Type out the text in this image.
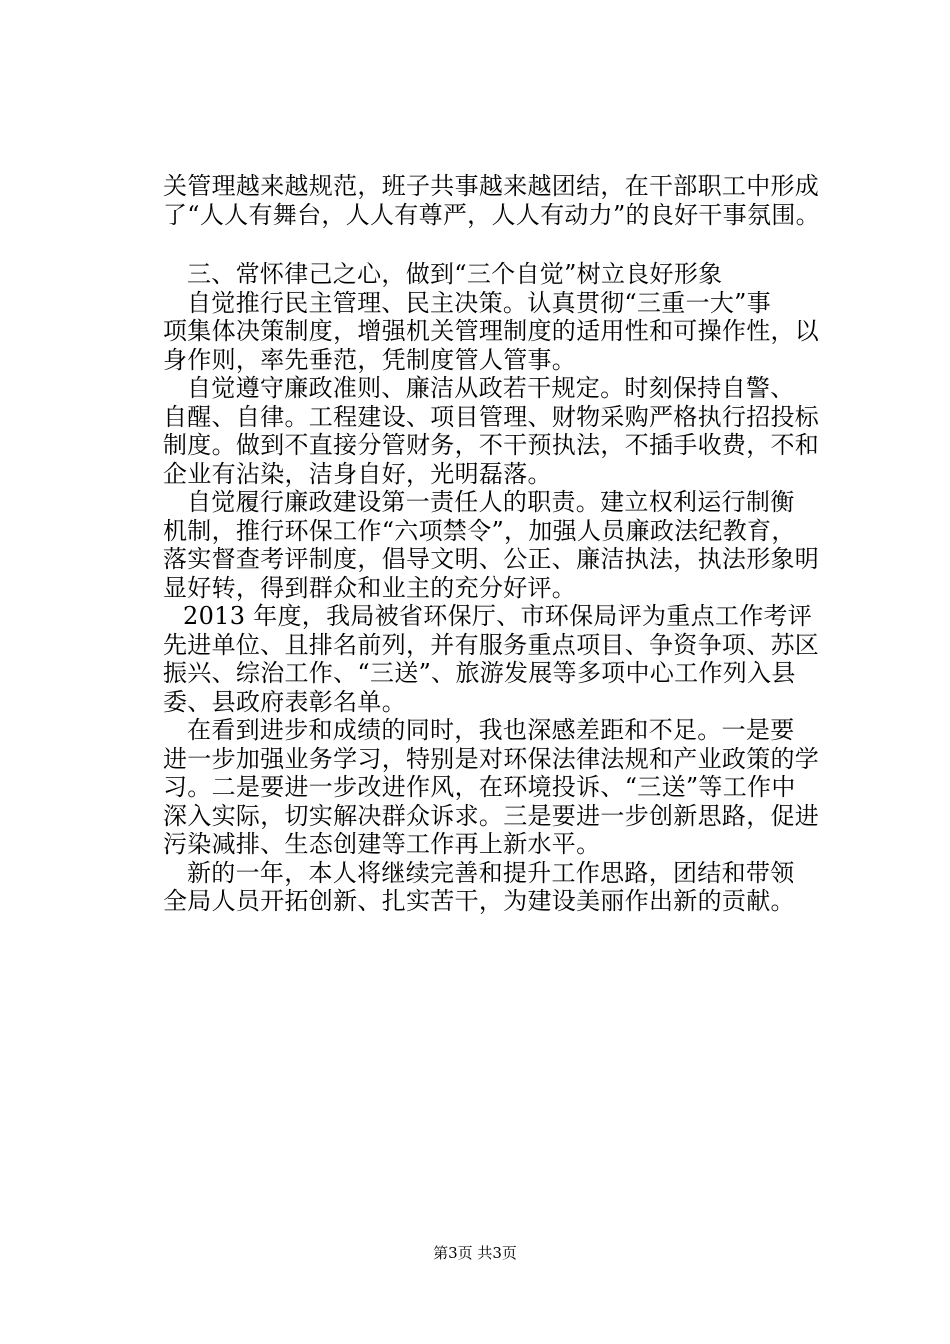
关管理越来越规范，班子共事越来越团结，在干部职工中形成
了“人人有舞台，人人有尊严，人人有动力”的良好干事氛围。
三、常怀律己之心，做到“三个自觉”树立良好形象
自觉推行民主管理、民主决策。认真贯彻“三重一大”事
项集体决策制度，增强机关管理制度的适用性和可操作性，以
身作则，率先垂范，凭制度管人管事。
自觉遵守廉政准则、廉洁从政若干规定。时刻保持自警、
自醒、自律。工程建设、项目管理、财物采购严格执行招投标
制度。做到不直接分管财务，不干预执法，不插手收费，不和
企业有沾染，洁身自好，光明磊落。
自觉履行廉政建设第一责任人的职责。建立权利运行制衡
机制，推行环保工作“六项禁令”，加强人员廉政法纪教育，
落实督查考评制度，倡导文明、公正、廉洁执法，执法形象明
显好转，得到群众和业主的充分好评。
2013 年度，我局被省环保厅、市环保局评为重点工作考评
先进单位、且排名前列，并有服务重点项目、争资争项、苏区
振兴、综治工作、“三送”、旅游发展等多项中心工作列入县
委、县政府表彰名单。
在看到进步和成绩的同时，我也深感差距和不足。一是要
进一步加强业务学习，特别是对环保法律法规和产业政策的学
习。二是要进一步改进作风，在环境投诉、“三送”等工作中
深入实际，切实解决群众诉求。三是要进一步创新思路，促进
污染减排、生态创建等工作再上新水平。
新的一年，本人将继续完善和提升工作思路，团结和带领
全局人员开拓创新、扎实苦干，为建设美丽作出新的贡献。
第3页 共3页
